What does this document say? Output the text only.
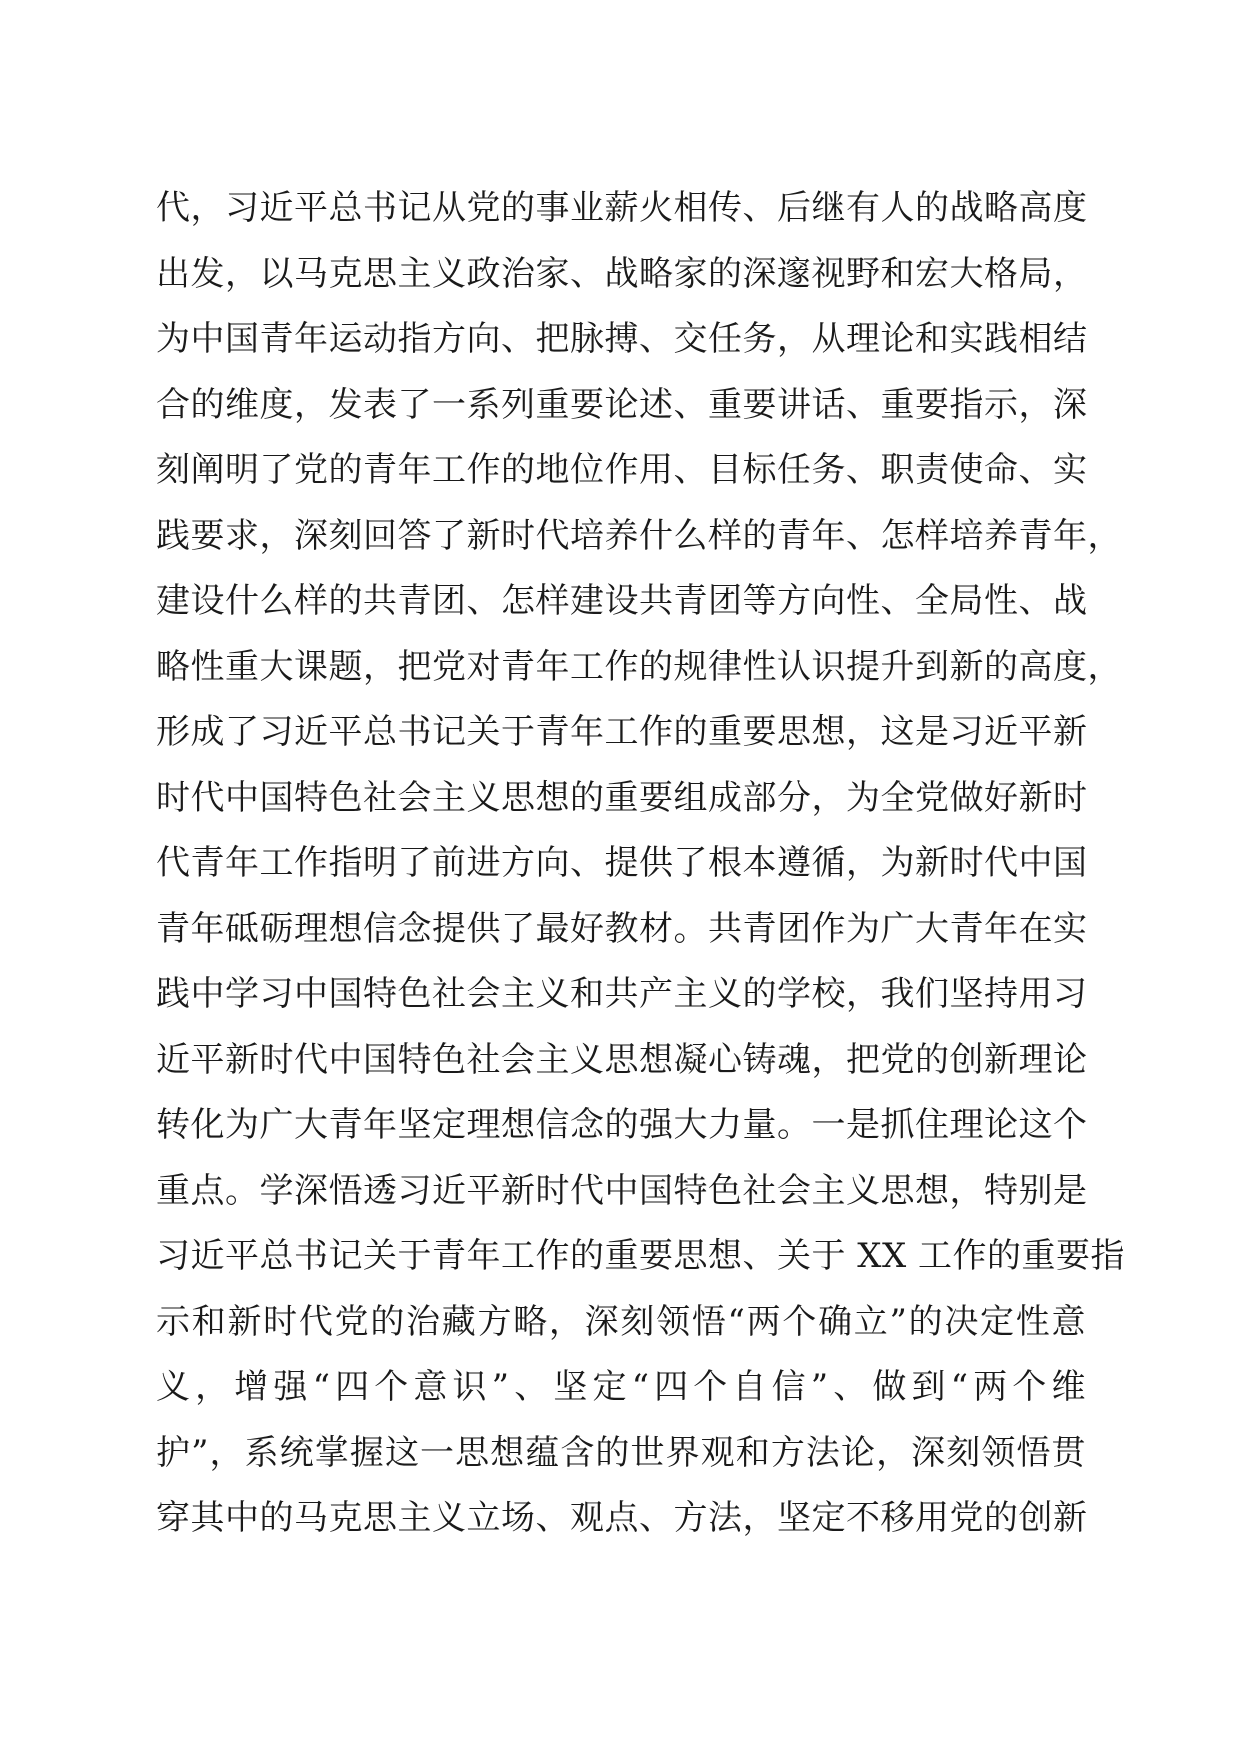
代，习近平总书记从党的事业薪火相传、后继有人的战略高度
出发，以马克思主义政治家、战略家的深邃视野和宏大格局，
为中国青年运动指方向、把脉搏、交任务，从理论和实践相结
合的维度，发表了一系列重要论述、重要讲话、重要指示，深
刻阐明了党的青年工作的地位作用、目标任务、职责使命、实
践要求，深刻回答了新时代培养什么样的青年、怎样培养青年，
建设什么样的共青团、怎样建设共青团等方向性、全局性、战
略性重大课题，把党对青年工作的规律性认识提升到新的高度，
形成了习近平总书记关于青年工作的重要思想，这是习近平新
时代中国特色社会主义思想的重要组成部分，为全党做好新时
代青年工作指明了前进方向、提供了根本遵循，为新时代中国
青年砥砺理想信念提供了最好教材。共青团作为广大青年在实
践中学习中国特色社会主义和共产主义的学校，我们坚持用习
近平新时代中国特色社会主义思想凝心铸魂，把党的创新理论
转化为广大青年坚定理想信念的强大力量。一是抓住理论这个
重点。学深悟透习近平新时代中国特色社会主义思想，特别是
习近平总书记关于青年工作的重要思想、关于 XX 工作的重要指
示和新时代党的治藏方略，深刻领悟“两个确立”的决定性意
义，增强“四个意识”、坚定“四个自信”、做到“两个维
护”，系统掌握这一思想蕴含的世界观和方法论，深刻领悟贯
穿其中的马克思主义立场、观点、方法，坚定不移用党的创新
